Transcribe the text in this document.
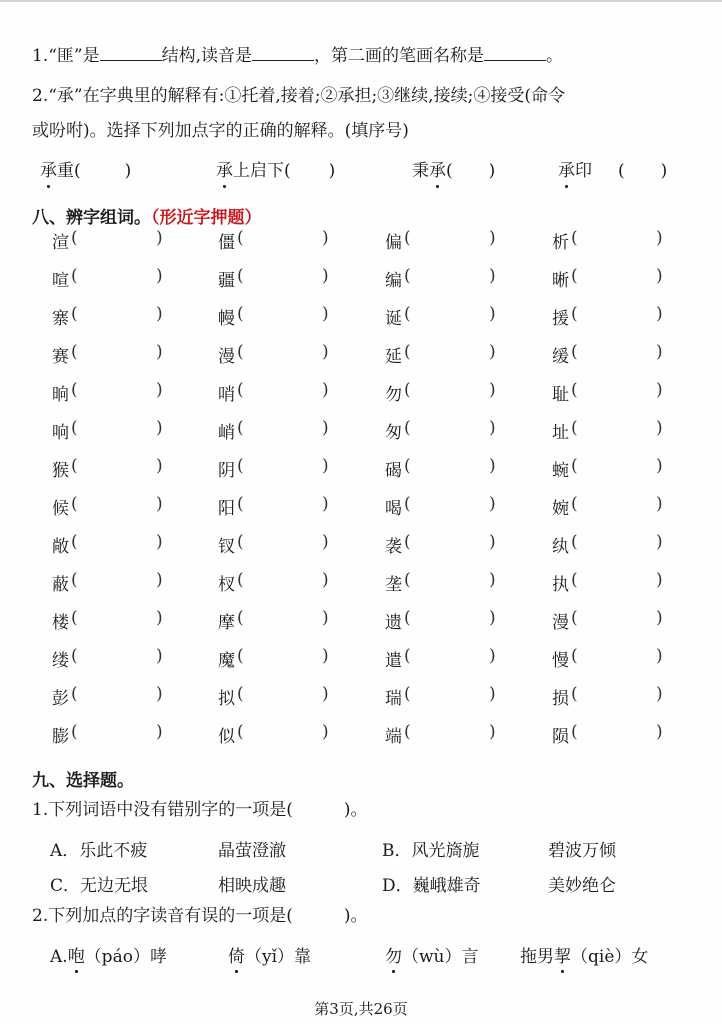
1.“匪”是	结构,读音是	，第二画的笔画名称是	。
2.“承”在字典里的解释有:①托着,接着;②承担;③继续,接续;④接受(命令
或吩咐)。选择下列加点字的正确的解释。(填序号)
承重(	)	承上启下( )	秉承( )	承印 ( )
八、辨字组词。（形近字押题）
渲 (	)	僵 (	)	偏 (	)	析 (	)
喧 (	)	疆 (	)	编 (	)	晰 (	)
寨 (	)	幔 (	)	诞 (	)	援 (	)
赛 (	)	漫 (	)	延 (	)	缓 (	)
晌 (	)	哨 (	)	勿 (	)	耻 (	)
响 (	)	峭 (	)	匆 (	)	址 (	)
猴 (	)	阴 (	)	碣 (	)	蜿 (	)
候 (	)	阳 (	)	喝 (	)	婉 (	)
敞 (	)	钗 (	)	袭 (	)	纨 (	)
蔽 (	)	杈 (	)	垄 (	)	执 (	)
楼 (	)	摩 (	)	遗 (	)	漫 (	)
缕 (	)	魔 (	)	遣 (	)	慢 (	)
彭 (	)	拟 (	)	瑞 (	)	损 (	)
膨 (	)	似 (	)	端 (	)	陨 (	)
九、选择题。
1.下列词语中没有错别字的一项是(　　　)。
A．乐此不疲	晶萤澄澈	B．风光旖旎	碧波万倾
C．无边无垠	相映成趣	D．巍峨雄奇	美妙绝仑
2.下列加点的字读音有误的一项是(　　　)。
A.咆（páo）哮	倚（yǐ）靠	勿（wù）言 拖男挈（qiè）女
第3页,共26页
